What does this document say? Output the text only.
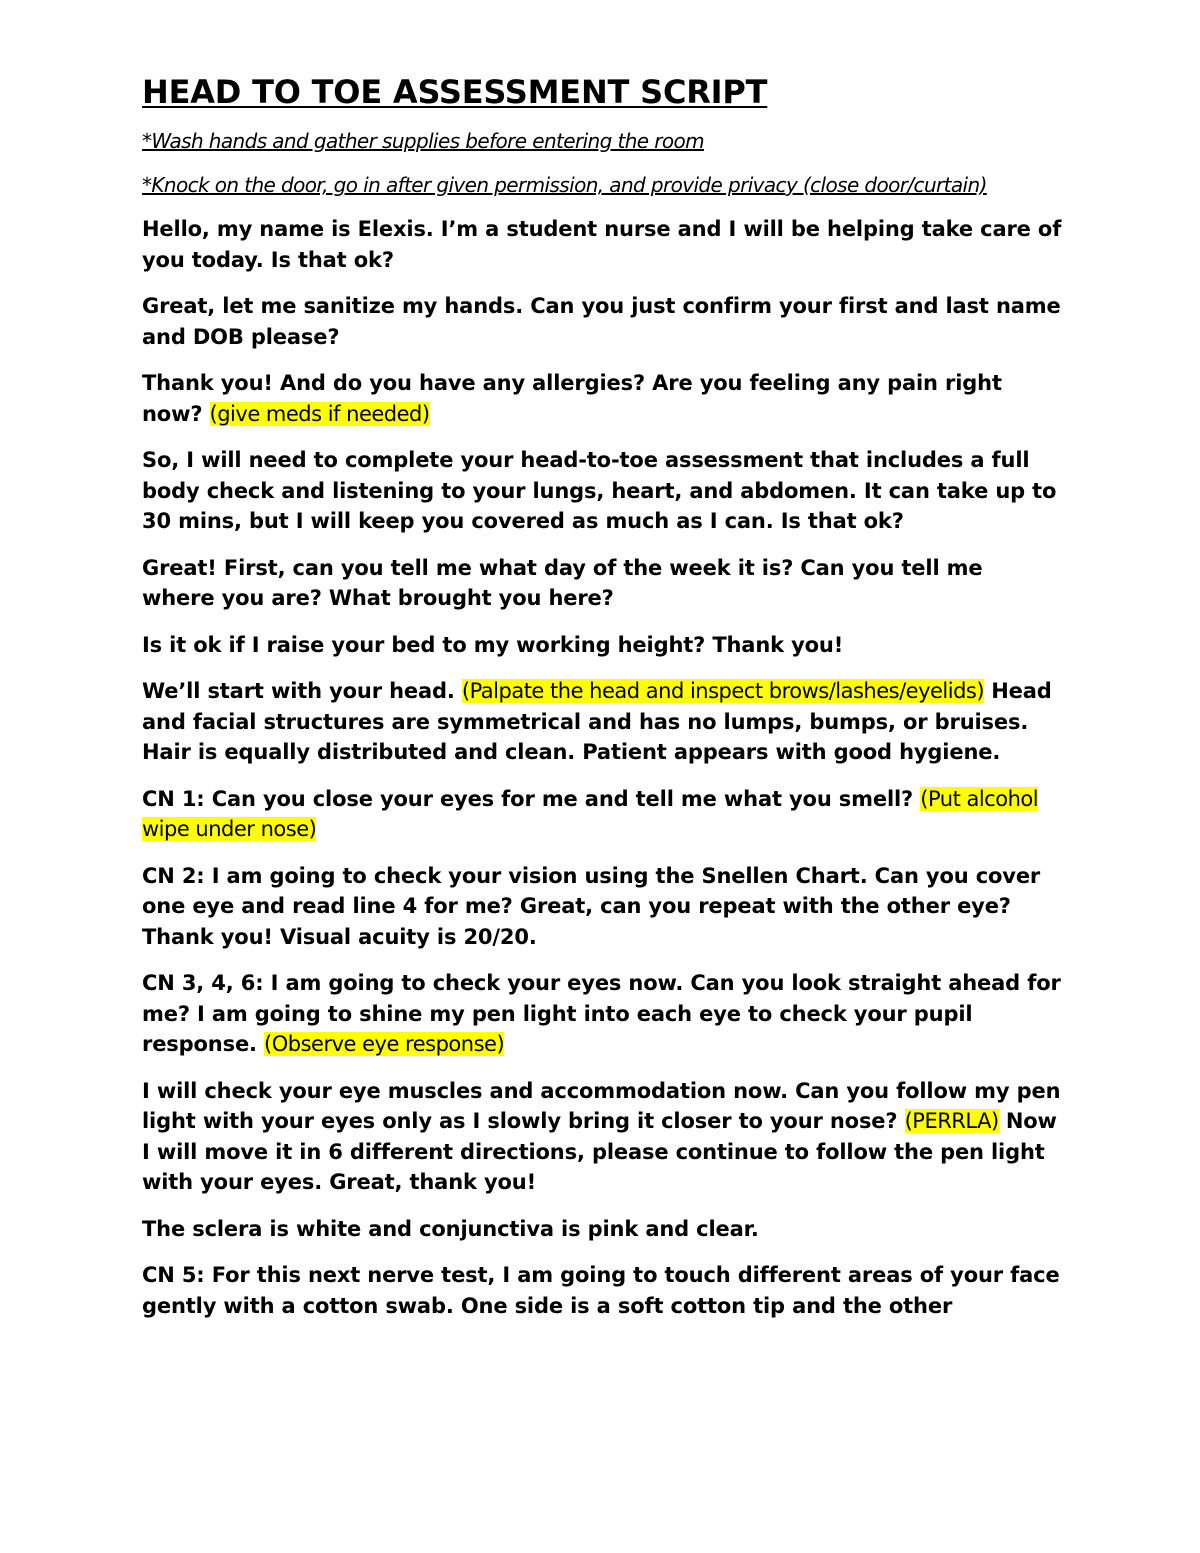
HEAD TO TOE ASSESSMENT SCRIPT
*Wash hands and gather supplies before entering the room
*Knock on the door, go in after given permission, and provide privacy (close door/curtain)

Hello, my name is Elexis. I’m a student nurse and I will be helping take care of you today. Is that ok?

Great, let me sanitize my hands. Can you just confirm your first and last name and DOB please?

Thank you! And do you have any allergies? Are you feeling any pain right now? (give meds if needed)

So, I will need to complete your head-to-toe assessment that includes a full body check and listening to your lungs, heart, and abdomen. It can take up to 30 mins, but I will keep you covered as much as I can. Is that ok?

Great! First, can you tell me what day of the week it is? Can you tell me where you are? What brought you here?

Is it ok if I raise your bed to my working height? Thank you!

We’ll start with your head. (Palpate the head and inspect brows/lashes/eyelids) Head and facial structures are symmetrical and has no lumps, bumps, or bruises. Hair is equally distributed and clean. Patient appears with good hygiene.

CN 1: Can you close your eyes for me and tell me what you smell? (Put alcohol wipe under nose)

CN 2: I am going to check your vision using the Snellen Chart. Can you cover one eye and read line 4 for me? Great, can you repeat with the other eye? Thank you! Visual acuity is 20/20.

CN 3, 4, 6: I am going to check your eyes now. Can you look straight ahead for me? I am going to shine my pen light into each eye to check your pupil response. (Observe eye response)

I will check your eye muscles and accommodation now. Can you follow my pen light with your eyes only as I slowly bring it closer to your nose? (PERRLA) Now I will move it in 6 different directions, please continue to follow the pen light with your eyes. Great, thank you!

The sclera is white and conjunctiva is pink and clear.

CN 5: For this next nerve test, I am going to touch different areas of your face gently with a cotton swab. One side is a soft cotton tip and the other
